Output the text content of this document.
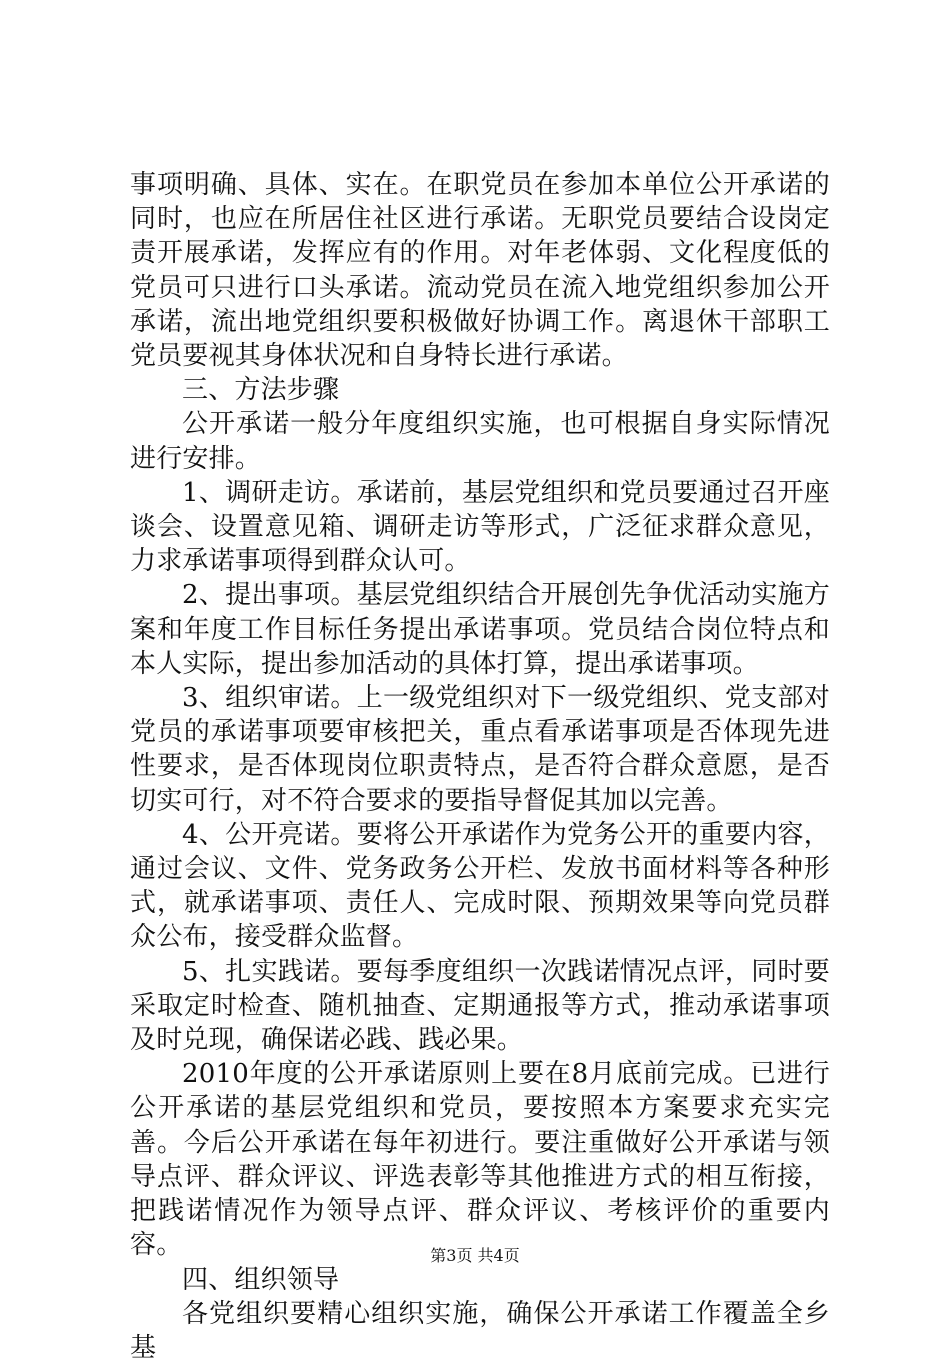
事项明确、具体、实在。在职党员在参加本单位公开承诺的同时，也应在所居住社区进行承诺。无职党员要结合设岗定责开展承诺，发挥应有的作用。对年老体弱、文化程度低的党员可只进行口头承诺。流动党员在流入地党组织参加公开承诺，流出地党组织要积极做好协调工作。离退休干部职工党员要视其身体状况和自身特长进行承诺。

三、方法步骤

公开承诺一般分年度组织实施，也可根据自身实际情况进行安排。

1、调研走访。承诺前，基层党组织和党员要通过召开座谈会、设置意见箱、调研走访等形式，广泛征求群众意见，力求承诺事项得到群众认可。

2、提出事项。基层党组织结合开展创先争优活动实施方案和年度工作目标任务提出承诺事项。党员结合岗位特点和本人实际，提出参加活动的具体打算，提出承诺事项。

3、组织审诺。上一级党组织对下一级党组织、党支部对党员的承诺事项要审核把关，重点看承诺事项是否体现先进性要求，是否体现岗位职责特点，是否符合群众意愿，是否切实可行，对不符合要求的要指导督促其加以完善。

4、公开亮诺。要将公开承诺作为党务公开的重要内容，通过会议、文件、党务政务公开栏、发放书面材料等各种形式，就承诺事项、责任人、完成时限、预期效果等向党员群众公布，接受群众监督。

5、扎实践诺。要每季度组织一次践诺情况点评，同时要采取定时检查、随机抽查、定期通报等方式，推动承诺事项及时兑现，确保诺必践、践必果。

2010年度的公开承诺原则上要在8月底前完成。已进行公开承诺的基层党组织和党员，要按照本方案要求充实完善。今后公开承诺在每年初进行。要注重做好公开承诺与领导点评、群众评议、评选表彰等其他推进方式的相互衔接，把践诺情况作为领导点评、群众评议、考核评价的重要内容。

四、组织领导

各党组织要精心组织实施，确保公开承诺工作覆盖全乡基

第3页 共4页
